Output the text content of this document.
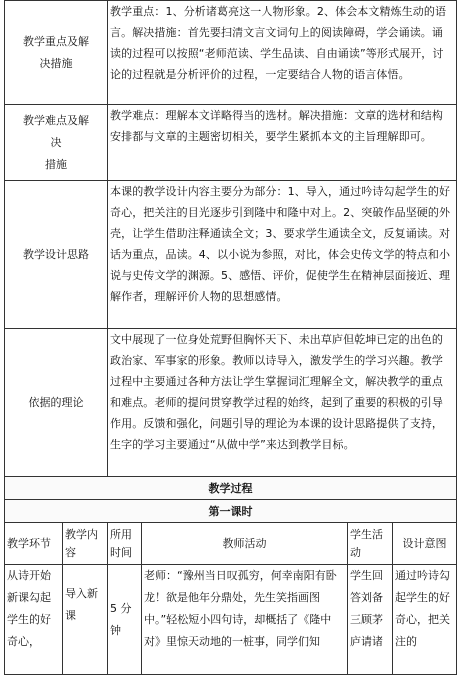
教学重点及解
决措施		教学重点：1、分析诸葛亮这一人物形象。2、体会本文精炼生动的语言。解决措施：首先要扫清文言文词句上的阅读障碍，学会诵读。诵读的过程可以按照“老师范读、学生品读、自由诵读”等形式展开，讨论的过程就是分析评价的过程，一定要结合人物的语言体悟。			

教学难点及解
决
措施		教学难点：理解本文详略得当的选材。解决措施：文章的选材和结构安排都与文章的主题密切相关，要学生紧抓本文的主旨理解即可。			

教学设计思路		本课的教学设计内容主要分为部分：1、导入，通过吟诗勾起学生的好奇心，把关注的目光逐步引到隆中和隆中对上。2、突破作品坚硬的外壳，让学生借助注释通读全文；3、要求学生通读全文，反复诵读。对话为重点，品读。4、以小说为参照，对比，体会史传文学的特点和小说与史传文学的渊源。5、感悟、评价，促使学生在精神层面接近、理解作者，理解评价人物的思想感情。			

依据的理论		文中展现了一位身处荒野但胸怀天下、未出草庐但乾坤已定的出色的政治家、军事家的形象。教师以诗导入，激发学生的学习兴趣。教学过程中主要通过各种方法让学生掌握词汇理解全文，解决教学的重点和难点。老师的提问贯穿教学过程的始终，起到了重要的积极的引导作用。反馈和强化，问题引导的理论为本课的设计思路提供了支持，生字的学习主要通过“从做中学”来达到教学目标。			
教学过程					
第一课时					
教学环节	教学内容	所用时间	教师活动	学生活动	设计意图
从诗开始新课勾起学生的好奇心，	导入新课	5 分钟	老师：“豫州当日叹孤穷，何幸南阳有卧龙！欲是他年分鼎处，先生笑指画图中。”轻松短小四句诗，却概括了《隆中对》里惊天动地的一桩事，同学们知	学生回答刘备三顾茅庐请诸	通过吟诗勾起学生的好奇心，把关注的
